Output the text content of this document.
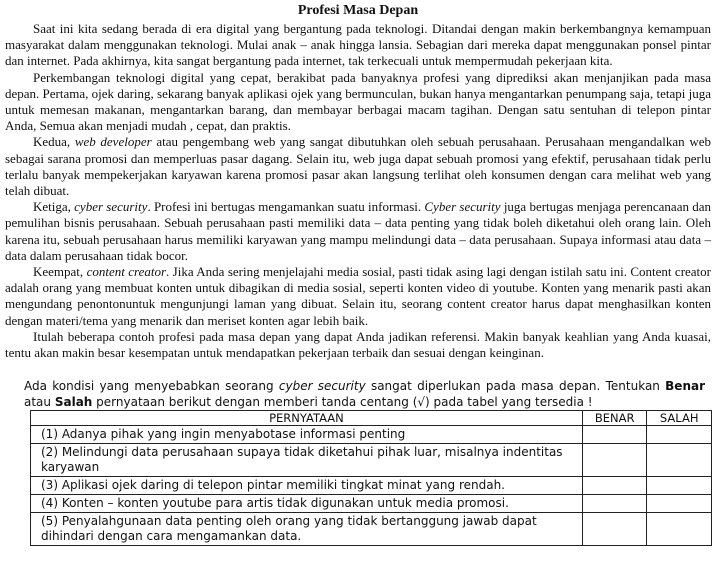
Profesi Masa Depan

Saat ini kita sedang berada di era digital yang bergantung pada teknologi. Ditandai dengan makin berkembangnya kemampuan masyarakat dalam menggunakan teknologi. Mulai anak – anak hingga lansia. Sebagian dari mereka dapat menggunakan ponsel pintar dan internet. Pada akhirnya, kita sangat bergantung pada internet, tak terkecuali untuk mempermudah pekerjaan kita.

Perkembangan teknologi digital yang cepat, berakibat pada banyaknya profesi yang diprediksi akan menjanjikan pada masa depan. Pertama, ojek daring, sekarang banyak aplikasi ojek yang bermunculan, bukan hanya mengantarkan penumpang saja, tetapi juga untuk memesan makanan, mengantarkan barang, dan membayar berbagai macam tagihan. Dengan satu sentuhan di telepon pintar Anda, Semua akan menjadi mudah , cepat, dan praktis.

Kedua, web developer atau pengembang web yang sangat dibutuhkan oleh sebuah perusahaan. Perusahaan mengandalkan web sebagai sarana promosi dan memperluas pasar dagang. Selain itu, web juga dapat sebuah promosi yang efektif, perusahaan tidak perlu terlalu banyak mempekerjakan karyawan karena promosi pasar akan langsung terlihat oleh konsumen dengan cara melihat web yang telah dibuat.

Ketiga, cyber security. Profesi ini bertugas mengamankan suatu informasi. Cyber security juga bertugas menjaga perencanaan dan pemulihan bisnis perusahaan. Sebuah perusahaan pasti memiliki data – data penting yang tidak boleh diketahui oleh orang lain. Oleh karena itu, sebuah perusahaan harus memiliki karyawan yang mampu melindungi data – data perusahaan. Supaya informasi atau data – data dalam perusahaan tidak bocor.

Keempat, content creator. Jika Anda sering menjelajahi media sosial, pasti tidak asing lagi dengan istilah satu ini. Content creator adalah orang yang membuat konten untuk dibagikan di media sosial, seperti konten video di youtube. Konten yang menarik pasti akan mengundang penontonuntuk mengunjungi laman yang dibuat. Selain itu, seorang content creator harus dapat menghasilkan konten dengan materi/tema yang menarik dan meriset konten agar lebih baik.

Itulah beberapa contoh profesi pada masa depan yang dapat Anda jadikan referensi. Makin banyak keahlian yang Anda kuasai, tentu akan makin besar kesempatan untuk mendapatkan pekerjaan terbaik dan sesuai dengan keinginan.

Ada kondisi yang menyebabkan seorang cyber security sangat diperlukan pada masa depan. Tentukan Benar atau Salah pernyataan berikut dengan memberi tanda centang (√) pada tabel yang tersedia !

PERNYATAAN	BENAR	SALAH
(1) Adanya pihak yang ingin menyabotase informasi penting		
(2) Melindungi data perusahaan supaya tidak diketahui pihak luar, misalnya indentitas karyawan		
(3) Aplikasi ojek daring di telepon pintar memiliki tingkat minat yang rendah.		
(4) Konten – konten youtube para artis tidak digunakan untuk media promosi.		
(5) Penyalahgunaan data penting oleh orang yang tidak bertanggung jawab dapat dihindari dengan cara mengamankan data.		
